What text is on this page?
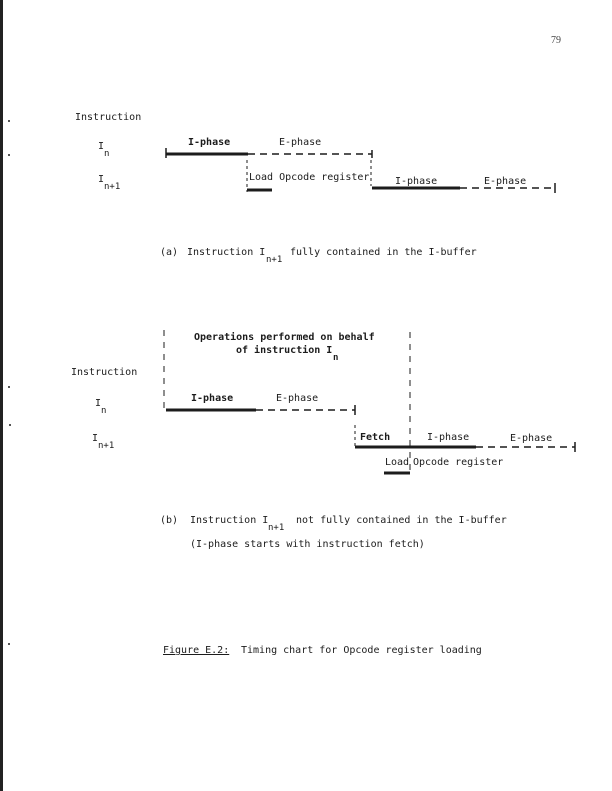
79
Instruction
I
n
I
n+1
I-phase	E-phase
Load Opcode register	I-phase	E-phase
(a) Instruction I
n+1
fully contained in the I-buffer
Operations performed on behalf
of instruction I
n
Instruction
I
n
I
n+1
I-phase	E-phase
Fetch	I-phase	E-phase
Load Opcode register
(b) Instruction I
n+1
not fully contained in the I-buffer
(I-phase starts with instruction fetch)
Figure E.2: Timing chart for Opcode register loading
